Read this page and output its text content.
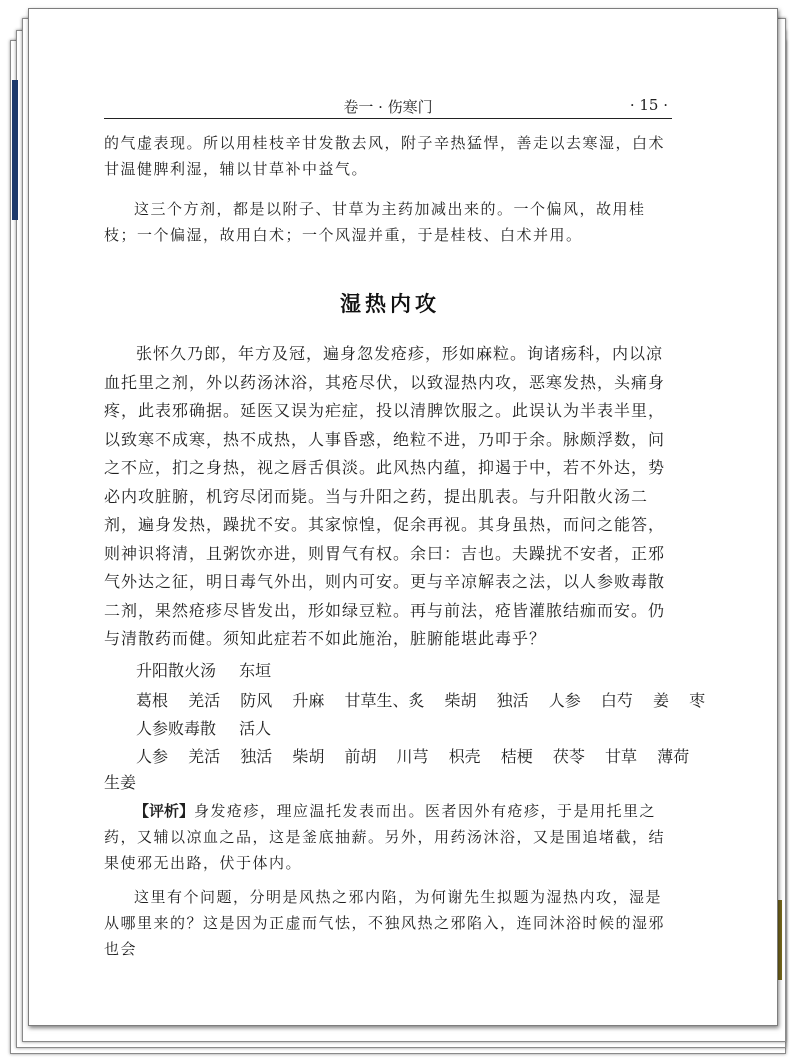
卷一 · 伤寒门	· 15 ·

的气虚表现。所以用桂枝辛甘发散去风，附子辛热猛悍，善走以去寒湿，白术甘温健脾利湿，辅以甘草补中益气。

这三个方剂，都是以附子、甘草为主药加减出来的。一个偏风，故用桂枝；一个偏湿，故用白术；一个风湿并重，于是桂枝、白术并用。

湿热内攻

张怀久乃郎，年方及冠，遍身忽发疮疹，形如麻粒。询诸疡科，内以凉血托里之剂，外以药汤沐浴，其疮尽伏，以致湿热内攻，恶寒发热，头痛身疼，此表邪确据。延医又误为疟症，投以清脾饮服之。此误认为半表半里，以致寒不成寒，热不成热，人事昏惑，绝粒不进，乃叩于余。脉颇浮数，问之不应，扪之身热，视之唇舌俱淡。此风热内蕴，抑遏于中，若不外达，势必内攻脏腑，机窍尽闭而毙。当与升阳之药，提出肌表。与升阳散火汤二剂，遍身发热，躁扰不安。其家惊惶，促余再视。其身虽热，而问之能答，则神识将清，且粥饮亦进，则胃气有权。余曰：吉也。夫躁扰不安者，正邪气外达之征，明日毒气外出，则内可安。更与辛凉解表之法，以人参败毒散二剂，果然疮疹尽皆发出，形如绿豆粒。再与前法，疮皆灌脓结痂而安。仍与清散药而健。须知此症若不如此施治，脏腑能堪此毒乎？

升阳散火汤 东垣
葛根 羌活 防风 升麻 甘草生、炙 柴胡 独活 人参 白芍 姜 枣
人参败毒散 活人
人参 羌活 独活 柴胡 前胡 川芎 枳壳 桔梗 茯苓 甘草 薄荷
生姜

【评析】身发疮疹，理应温托发表而出。医者因外有疮疹，于是用托里之药，又辅以凉血之品，这是釜底抽薪。另外，用药汤沐浴，又是围追堵截，结果使邪无出路，伏于体内。

这里有个问题，分明是风热之邪内陷，为何谢先生拟题为湿热内攻，湿是从哪里来的？这是因为正虚而气怯，不独风热之邪陷入，连同沐浴时候的湿邪也会
